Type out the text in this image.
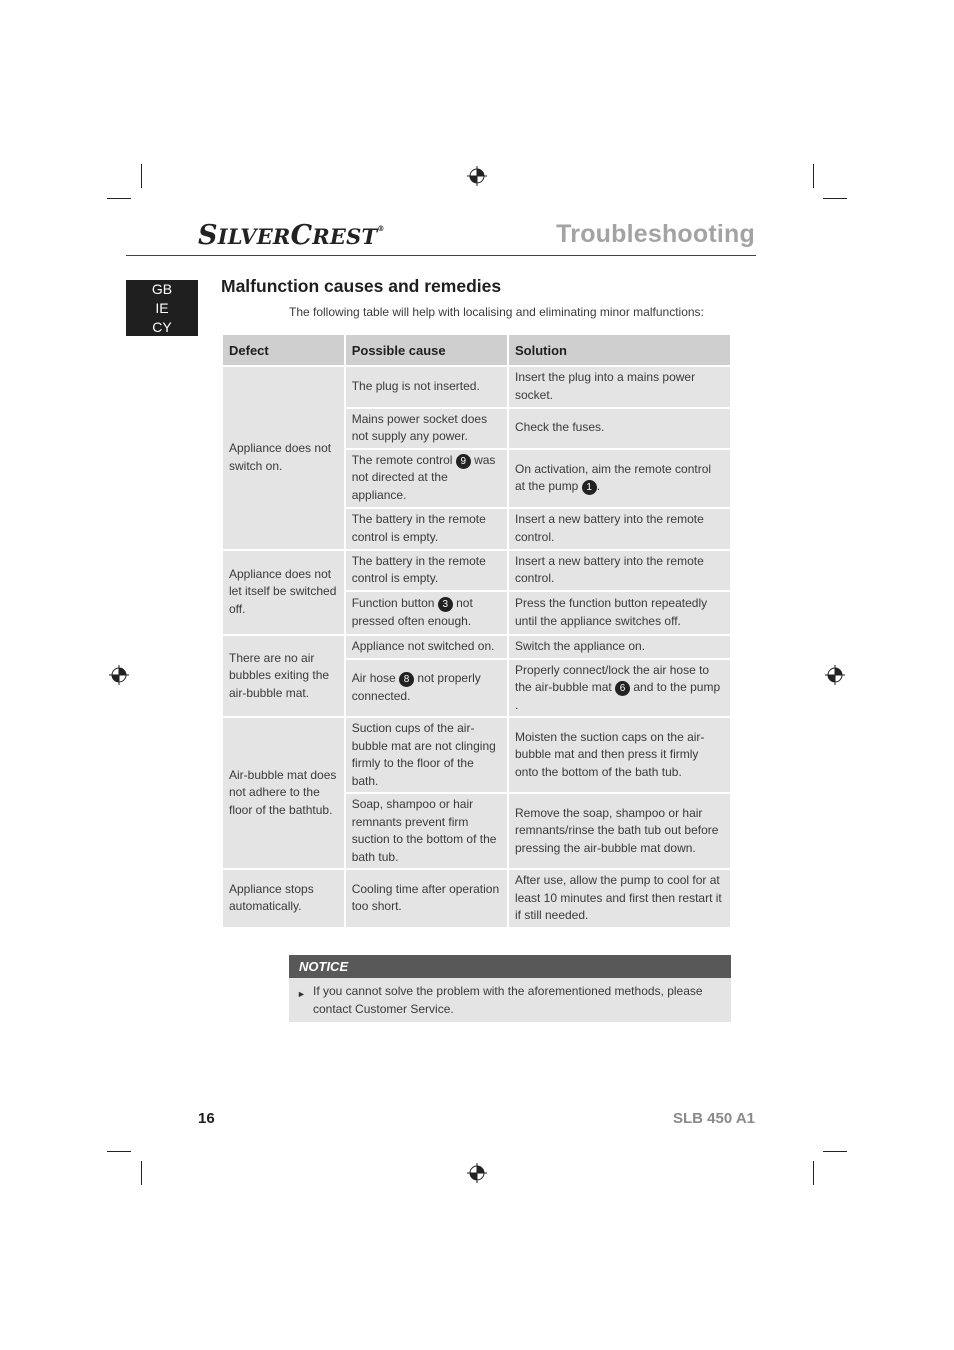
SILVERCREST®	Troubleshooting
GB
IE
CY
Malfunction causes and remedies
The following table will help with localising and eliminating minor malfunctions:
Defect	Possible cause	Solution
Appliance does not switch on.	The plug is not inserted.	Insert the plug into a mains power socket.
	Mains power socket does not supply any power.	Check the fuses.
	The remote control 9 was not directed at the appliance.	On activation, aim the remote control at the pump 1 .
	The battery in the remote control is empty.	Insert a new battery into the remote control.
Appliance does not let itself be switched off.	The battery in the remote control is empty.	Insert a new battery into the remote control.
	Function button 3 not pressed often enough.	Press the function button repeatedly until the appliance switches off.
There are no air bubbles exiting the air-bubble mat.	Appliance not switched on.	Switch the appliance on.
	Air hose 8 not properly connected.	Properly connect/lock the air hose to the air-bubble mat 6 and to the pump .
Air-bubble mat does not adhere to the floor of the bathtub.	Suction cups of the air-bubble mat are not clinging firmly to the floor of the bath.	Moisten the suction caps on the air-bubble mat and then press it firmly onto the bottom of the bath tub.
	Soap, shampoo or hair remnants prevent firm suction to the bottom of the bath tub.	Remove the soap, shampoo or hair remnants/rinse the bath tub out before pressing the air-bubble mat down.
Appliance stops automatically.	Cooling time after operation too short.	After use, allow the pump to cool for at least 10 minutes and first then restart it if still needed.
NOTICE
► If you cannot solve the problem with the aforementioned methods, please contact Customer Service.
16	SLB 450 A1
